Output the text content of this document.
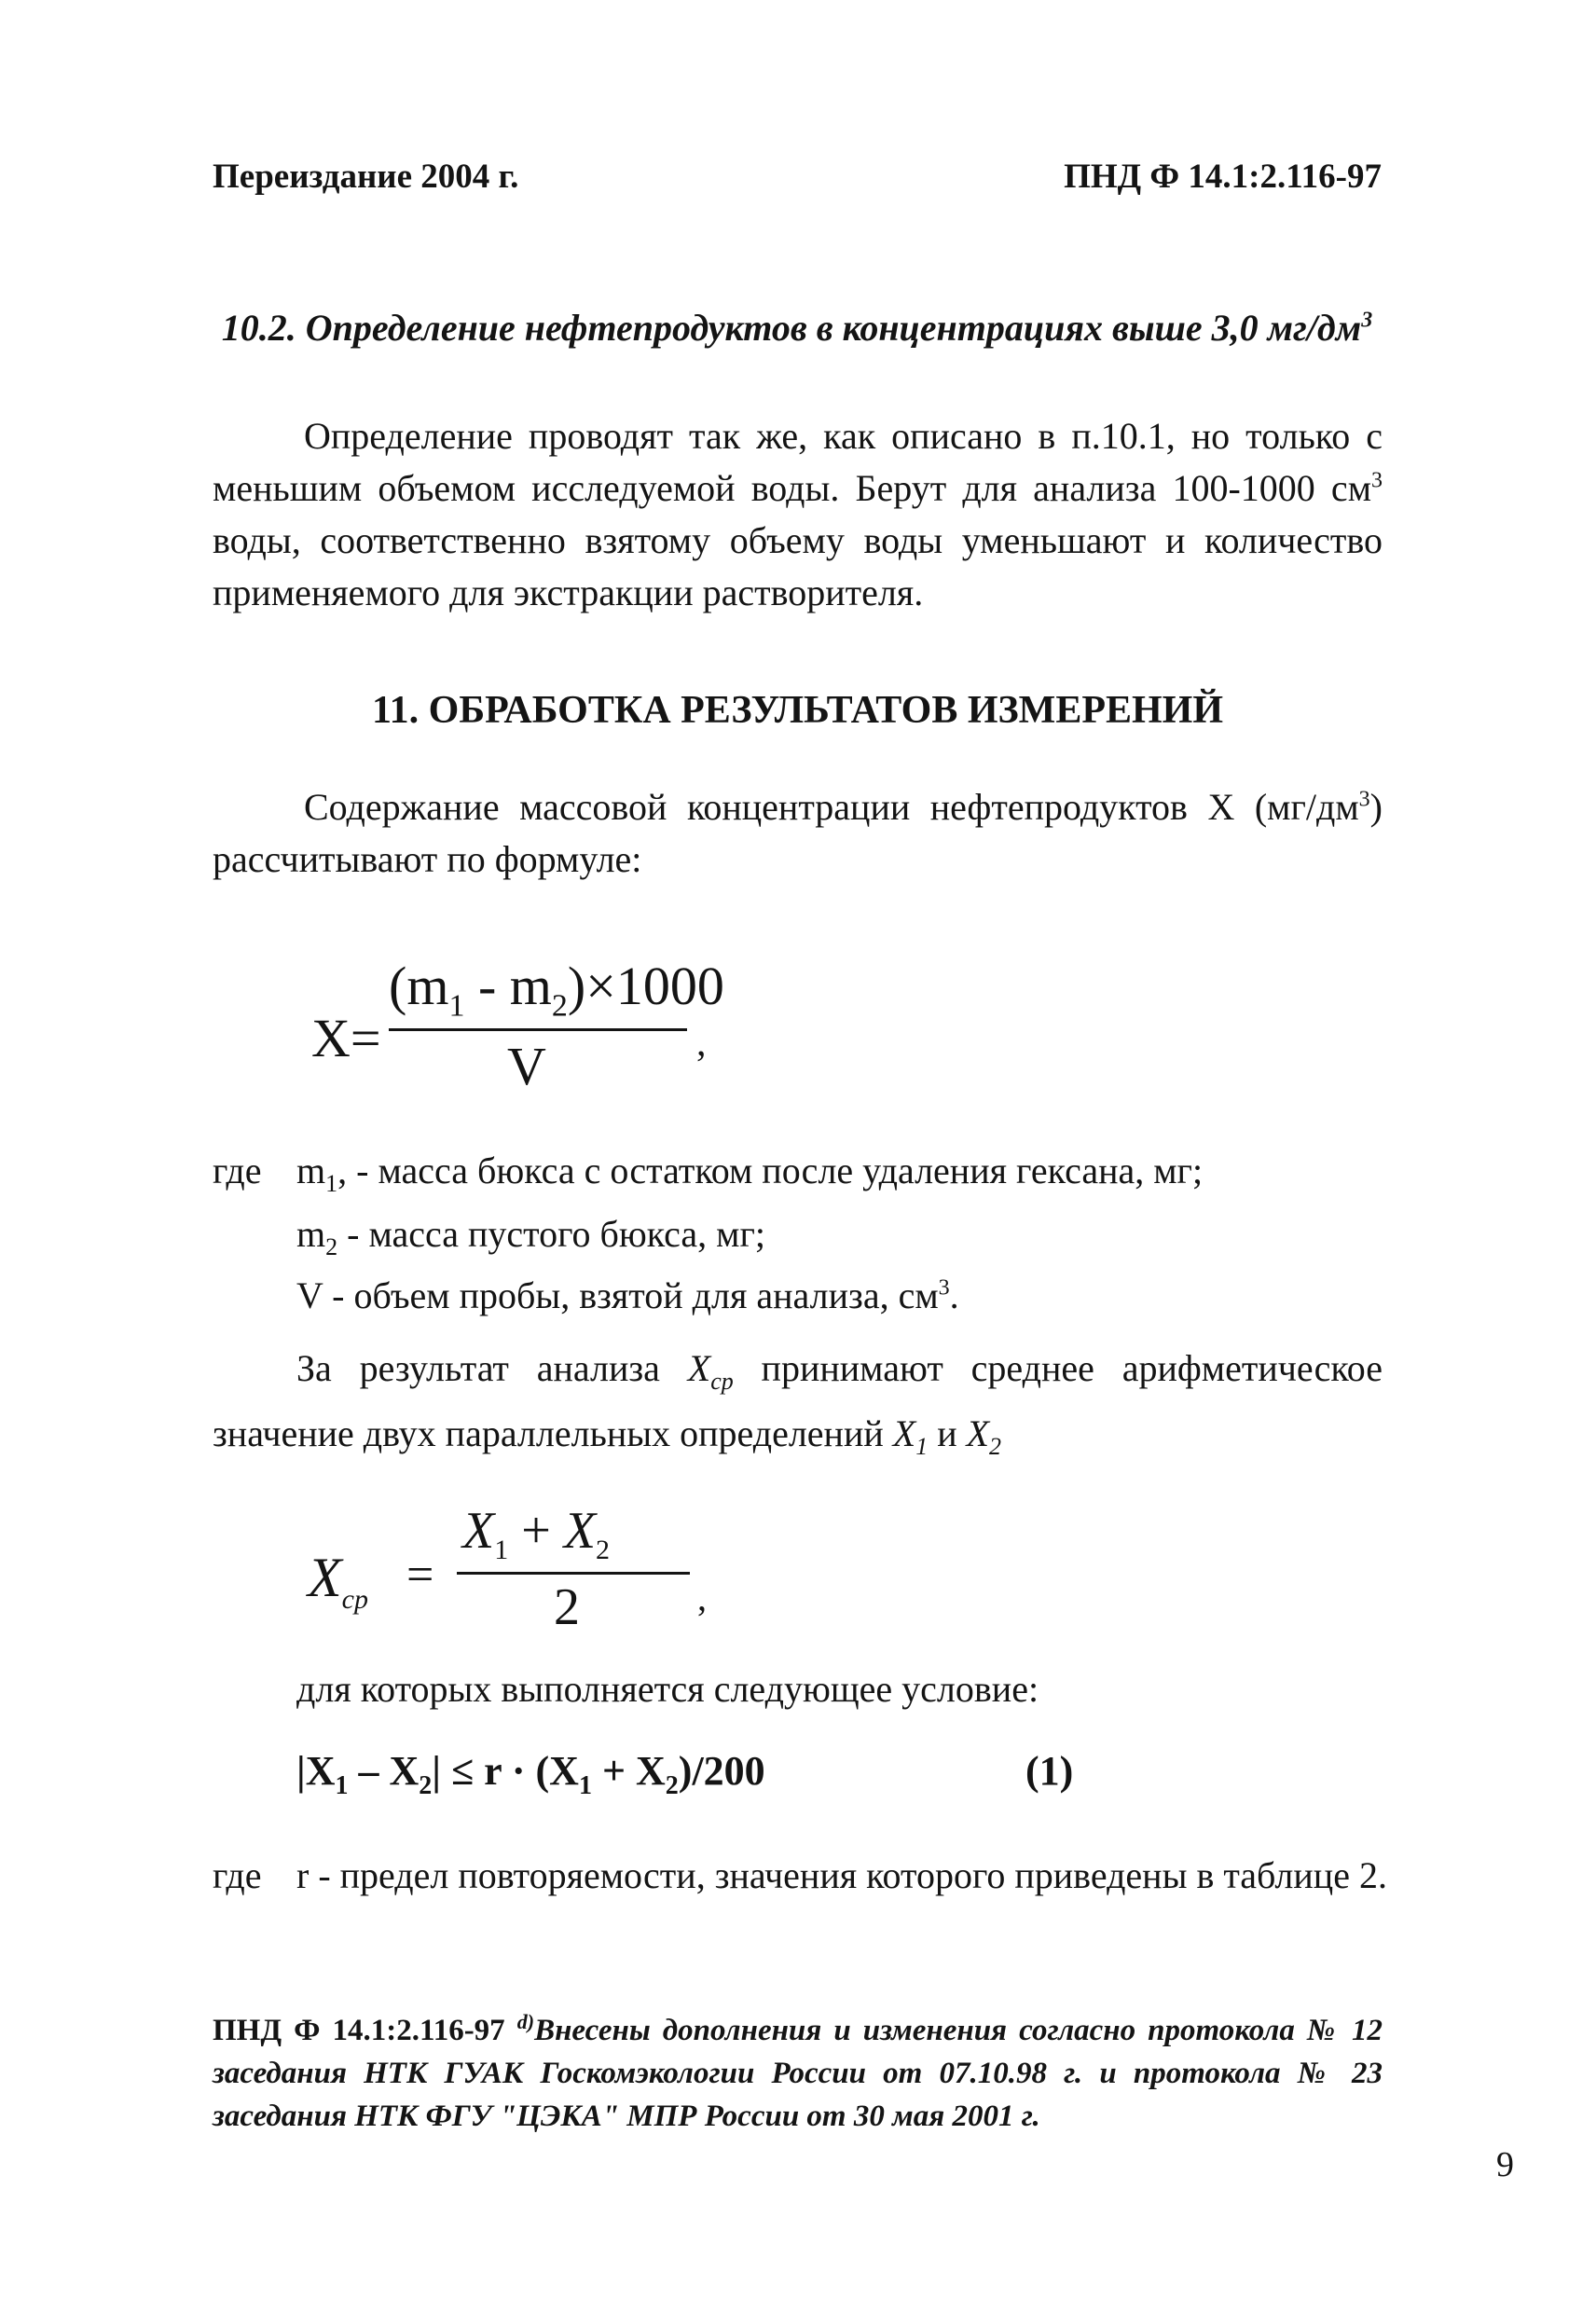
Переиздание 2004 г.	ПНД Ф 14.1:2.116-97
10.2. Определение нефтепродуктов в концентрациях выше 3,0 $мг/дм^3$
Определение проводят так же, как описано в п.10.1, но только с меньшим объемом исследуемой воды. Берут для анализа 100-1000 $см^3$ воды, соответственно взятому объему воды уменьшают и количество применяемого для экстракции растворителя.
11. ОБРАБОТКА РЕЗУЛЬТАТОВ ИЗМЕРЕНИЙ
Содержание массовой концентрации нефтепродуктов X $(мг/дм^3)$ рассчитывают по формуле:
X=
$(m_1 - m_2)\times 1000$
V	,
где $m_1$, - масса бюкса с остатком после удаления гексана, мг;
$m_2$ - масса пустого бюкса, мг;
V - объем пробы, взятой для анализа, $см^3$.
За результат анализа $X_{ср}$ принимают среднее арифметическое значение двух параллельных определений $X_1$ и $X_2$
$X_{ср}$ =
$X_1 + X_2$
2	,
для которых выполняется следующее условие:
$|X_1 - X_2| \le r \cdot (X_1 + X_2)/200$	(1)
где r - предел повторяемости, значения которого приведены в таблице 2.
ПНД Ф 14.1:2.116-97 $^{d)}$Внесены дополнения и изменения согласно протокола № 12 заседания НТК ГУАК Госкомэкологии России от 07.10.98 г. и протокола № 23 заседания НТК ФГУ "ЦЭКА" МПР России от 30 мая 2001 г.
9
